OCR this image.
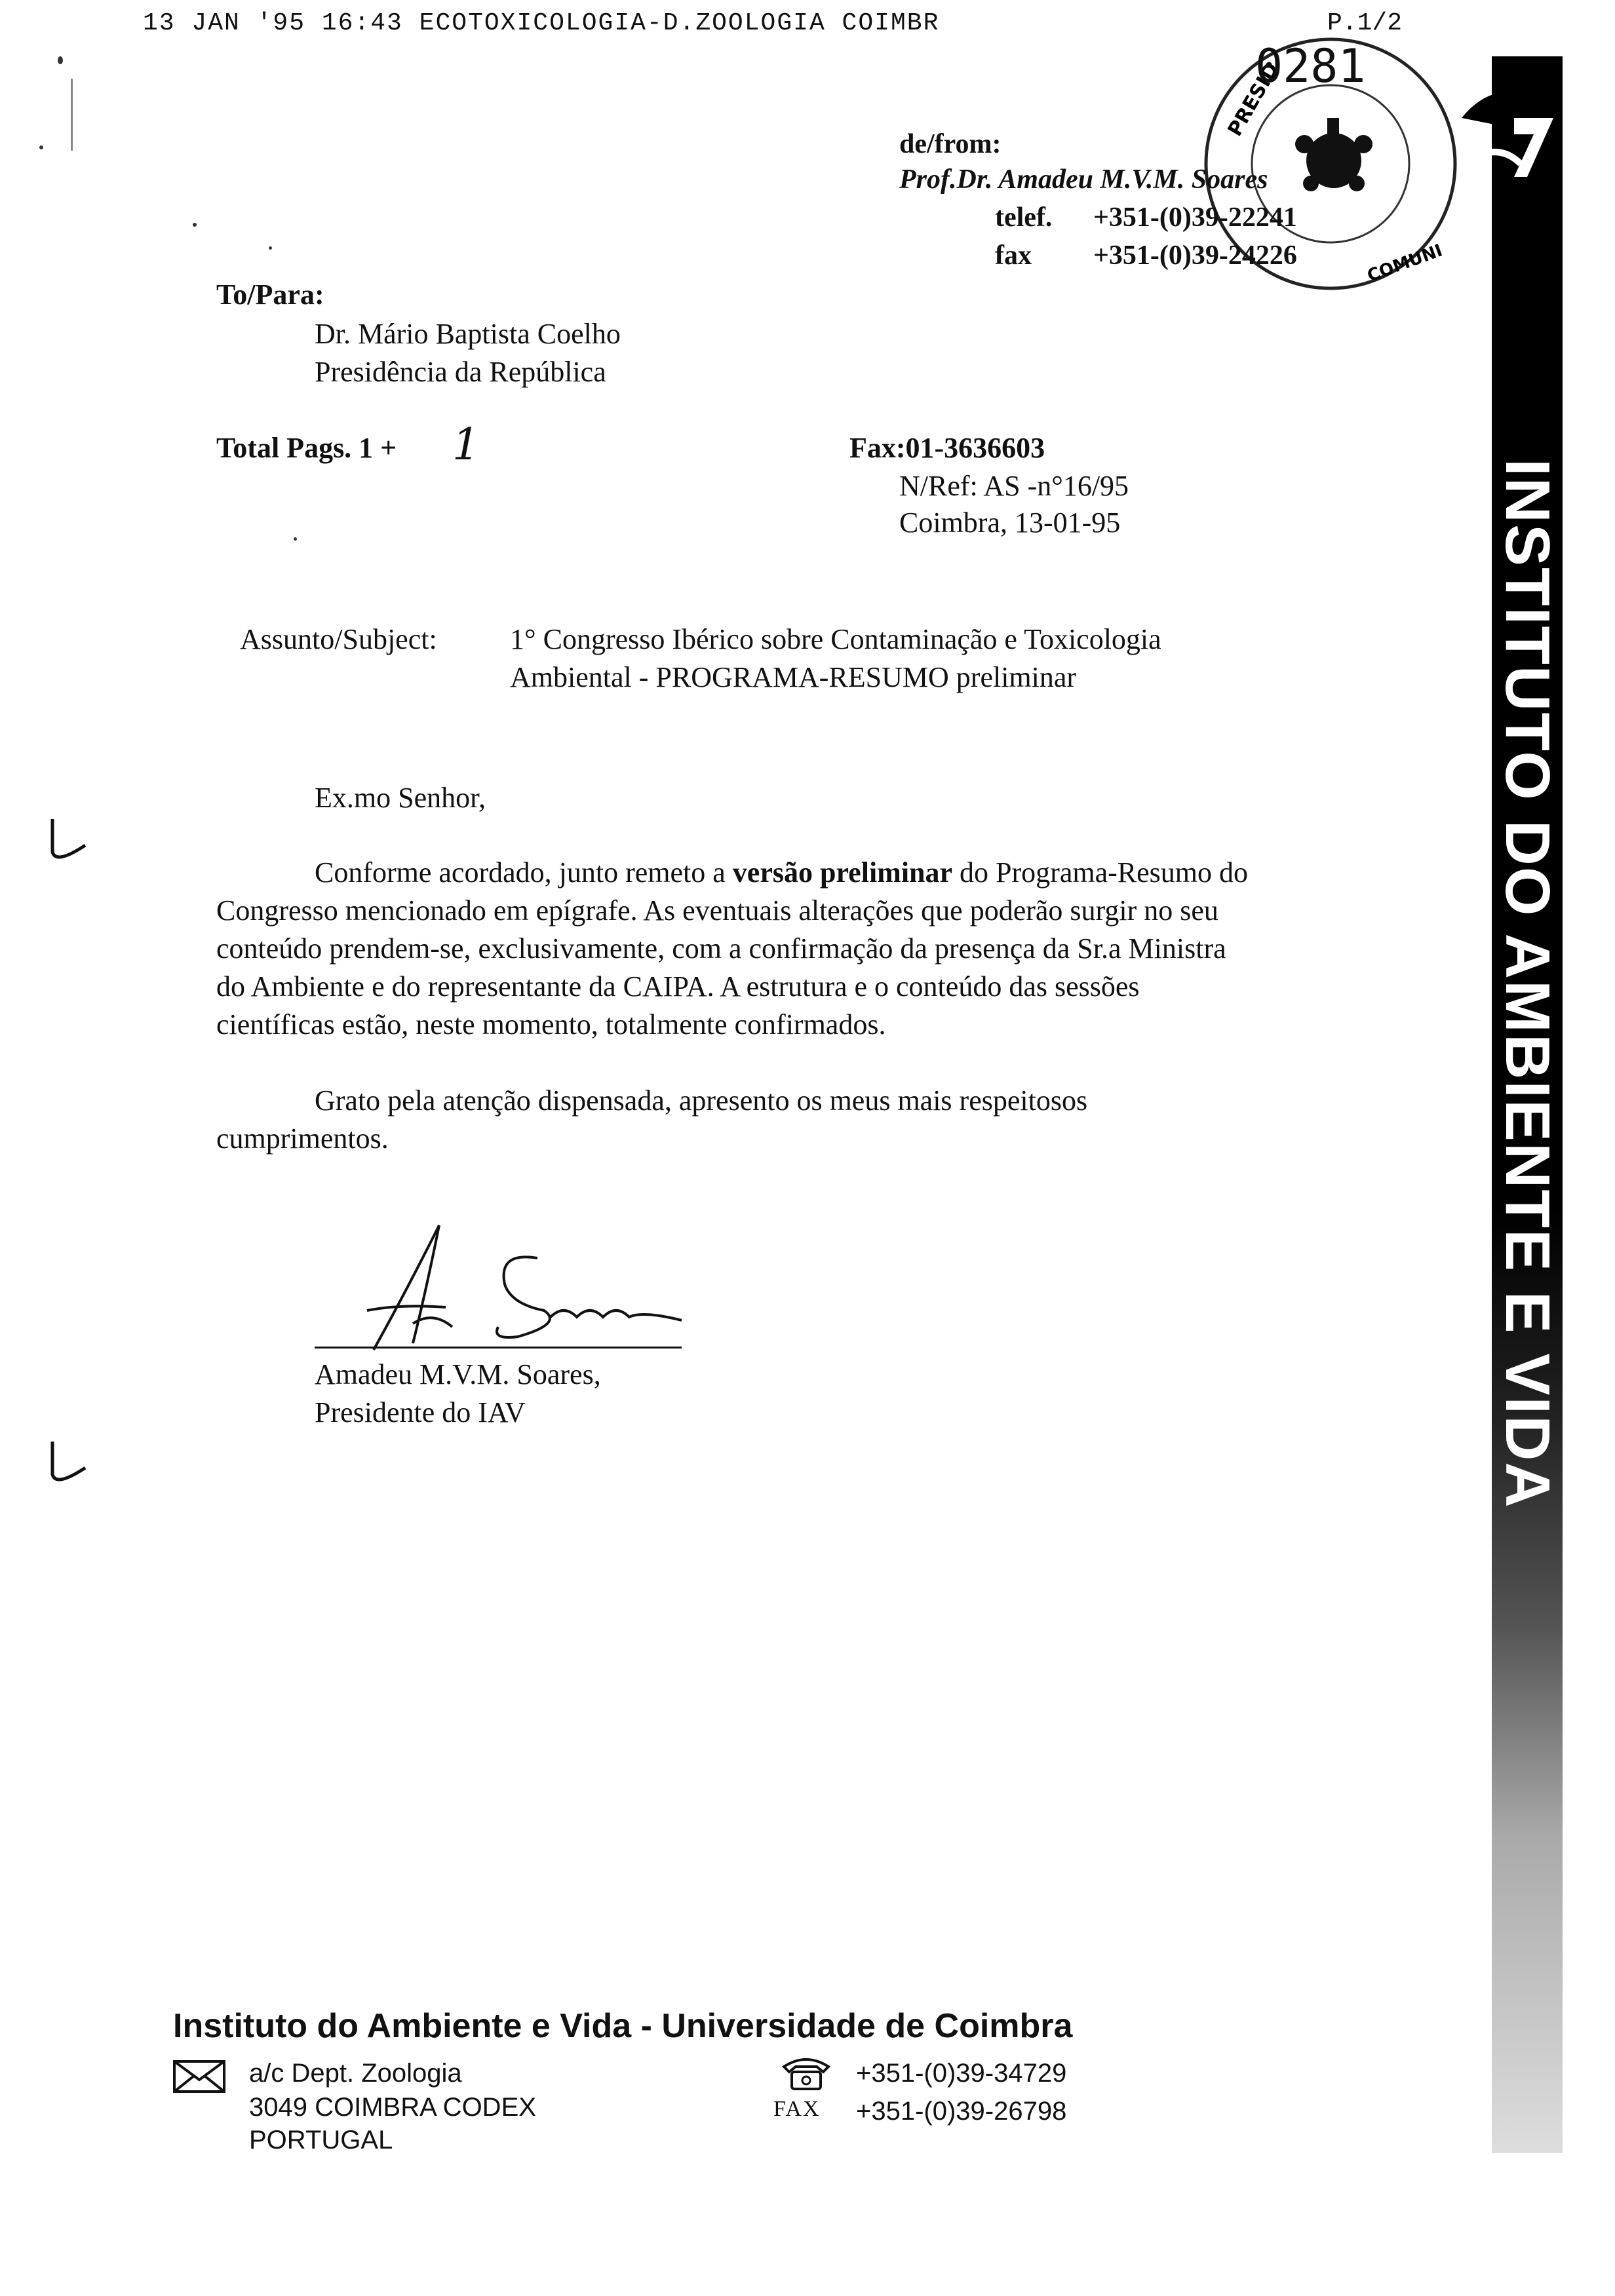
13 JAN '95 16:43 ECOTOXICOLOGIA-D.ZOOLOGIA COIMBR	P.1/2
INSTITUTO DO AMBIENTE E VIDA
PRESID
COMUNI
0281
de/from:
Prof.Dr. Amadeu M.V.M. Soares
telef. +351-(0)39-22241
fax +351-(0)39-24226
To/Para:
Dr. Mário Baptista Coelho
Presidência da República
Total Pags. 1 + 1	Fax:01-3636603
N/Ref: AS -n°16/95
Coimbra, 13-01-95
Assunto/Subject:	1° Congresso Ibérico sobre Contaminação e Toxicologia
Ambiental - PROGRAMA-RESUMO preliminar
Ex.mo Senhor,
Conforme acordado, junto remeto a versão preliminar do Programa-Resumo do
Congresso mencionado em epígrafe. As eventuais alterações que poderão surgir no seu
conteúdo prendem-se, exclusivamente, com a confirmação da presença da Sr.a Ministra
do Ambiente e do representante da CAIPA. A estrutura e o conteúdo das sessões
científicas estão, neste momento, totalmente confirmados.
Grato pela atenção dispensada, apresento os meus mais respeitosos
cumprimentos.
Amadeu M.V.M. Soares,
Presidente do IAV
Instituto do Ambiente e Vida - Universidade de Coimbra
a/c Dept. Zoologia
3049 COIMBRA CODEX
PORTUGAL
FAX
+351-(0)39-34729
+351-(0)39-26798
